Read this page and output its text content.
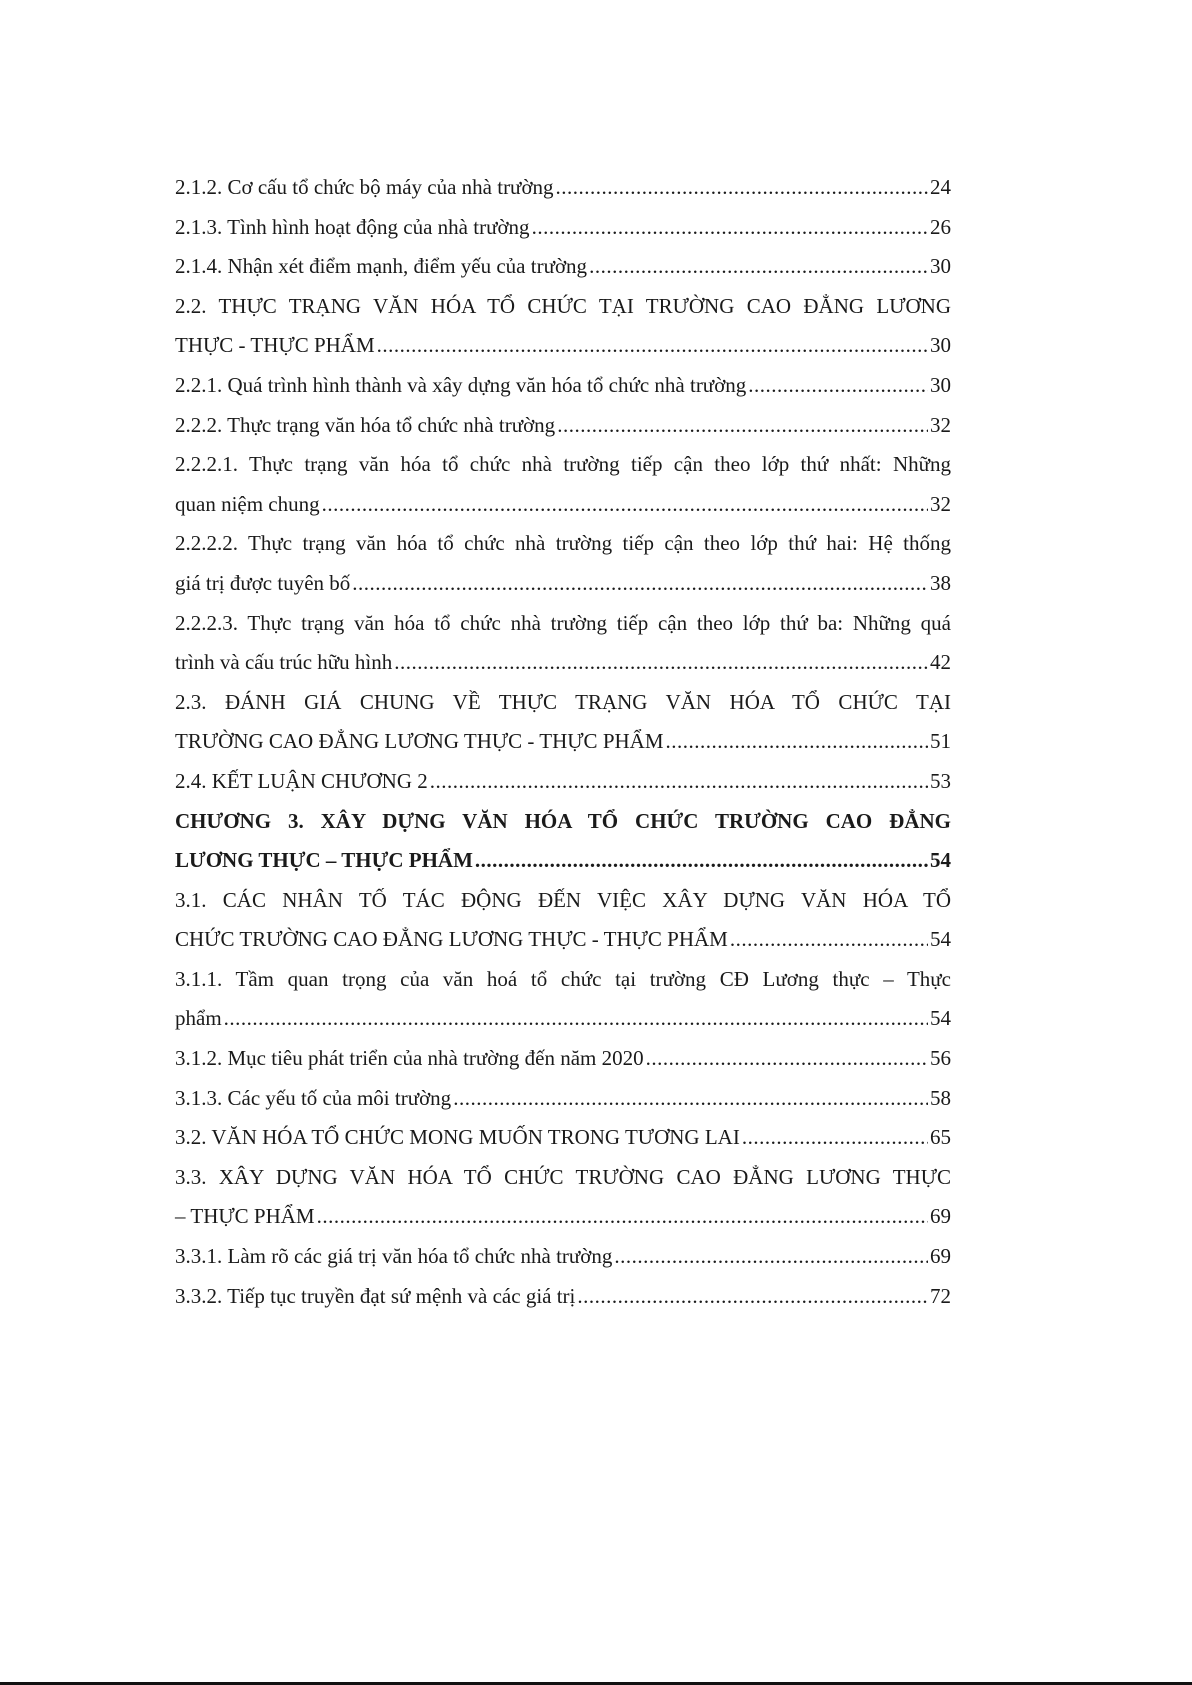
2.1.2. Cơ cấu tổ chức bộ máy của nhà trường .....	24
2.1.3. Tình hình hoạt động của nhà trường .....	26
2.1.4. Nhận xét điểm mạnh, điểm yếu của trường .....	30
2.2. THỰC TRẠNG VĂN HÓA TỔ CHỨC TẠI TRƯỜNG CAO ĐẲNG LƯƠNG
THỰC - THỰC PHẨM .....	30
2.2.1. Quá trình hình thành và xây dựng văn hóa tổ chức nhà trường .....	30
2.2.2. Thực trạng văn hóa tổ chức nhà trường .....	32
2.2.2.1. Thực trạng văn hóa tổ chức nhà trường tiếp cận theo lớp thứ nhất: Những
quan niệm chung .....	32
2.2.2.2. Thực trạng văn hóa tổ chức nhà trường tiếp cận theo lớp thứ hai: Hệ thống
giá trị được tuyên bố .....	38
2.2.2.3. Thực trạng văn hóa tổ chức nhà trường tiếp cận theo lớp thứ ba: Những quá
trình và cấu trúc hữu hình .....	42
2.3. ĐÁNH GIÁ CHUNG VỀ THỰC TRẠNG VĂN HÓA TỔ CHỨC TẠI
TRƯỜNG CAO ĐẲNG LƯƠNG THỰC - THỰC PHẨM .....	51
2.4. KẾT LUẬN CHƯƠNG 2 .....	53
CHƯƠNG 3. XÂY DỰNG VĂN HÓA TỔ CHỨC TRƯỜNG CAO ĐẲNG
LƯƠNG THỰC – THỰC PHẨM .....	54
3.1. CÁC NHÂN TỐ TÁC ĐỘNG ĐẾN VIỆC XÂY DỰNG VĂN HÓA TỔ
CHỨC TRƯỜNG CAO ĐẲNG LƯƠNG THỰC - THỰC PHẨM .....	54
3.1.1. Tầm quan trọng của văn hoá tổ chức tại trường CĐ Lương thực – Thực
phẩm .....	54
3.1.2. Mục tiêu phát triển của nhà trường đến năm 2020 .....	56
3.1.3. Các yếu tố của môi trường .....	58
3.2. VĂN HÓA TỔ CHỨC MONG MUỐN TRONG TƯƠNG LAI .....	65
3.3. XÂY DỰNG VĂN HÓA TỔ CHỨC TRƯỜNG CAO ĐẲNG LƯƠNG THỰC
– THỰC PHẨM .....	69
3.3.1. Làm rõ các giá trị văn hóa tổ chức nhà trường .....	69
3.3.2. Tiếp tục truyền đạt sứ mệnh và các giá trị .....	72
